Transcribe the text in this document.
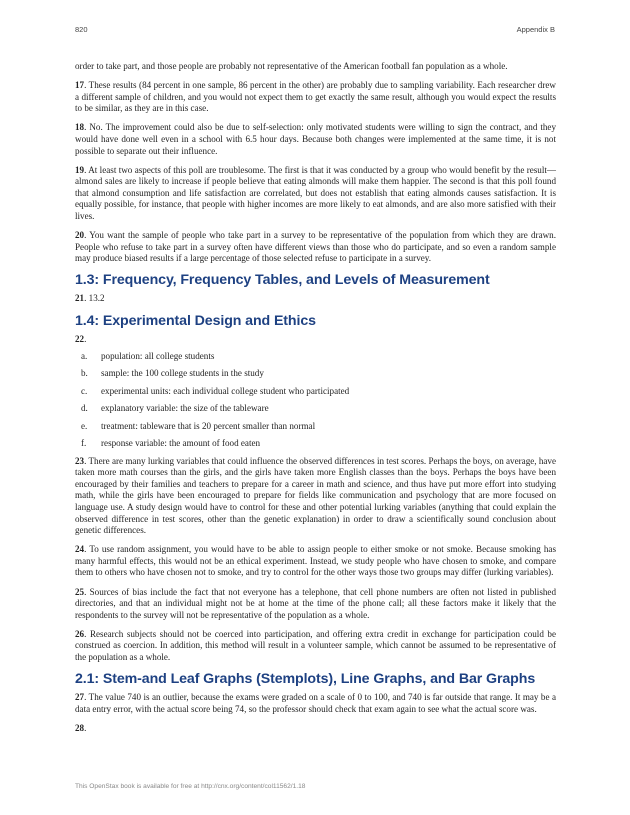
820	Appendix B

order to take part, and those people are probably not representative of the American football fan population as a whole.

17. These results (84 percent in one sample, 86 percent in the other) are probably due to sampling variability. Each researcher drew a different sample of children, and you would not expect them to get exactly the same result, although you would expect the results to be similar, as they are in this case.

18. No. The improvement could also be due to self-selection: only motivated students were willing to sign the contract, and they would have done well even in a school with 6.5 hour days. Because both changes were implemented at the same time, it is not possible to separate out their influence.

19. At least two aspects of this poll are troublesome. The first is that it was conducted by a group who would benefit by the result—almond sales are likely to increase if people believe that eating almonds will make them happier. The second is that this poll found that almond consumption and life satisfaction are correlated, but does not establish that eating almonds causes satisfaction. It is equally possible, for instance, that people with higher incomes are more likely to eat almonds, and are also more satisfied with their lives.

20. You want the sample of people who take part in a survey to be representative of the population from which they are drawn. People who refuse to take part in a survey often have different views than those who do participate, and so even a random sample may produce biased results if a large percentage of those selected refuse to participate in a survey.

1.3: Frequency, Frequency Tables, and Levels of Measurement

21. 13.2

1.4: Experimental Design and Ethics

22.

a.	population: all college students
b.	sample: the 100 college students in the study
c.	experimental units: each individual college student who participated
d.	explanatory variable: the size of the tableware
e.	treatment: tableware that is 20 percent smaller than normal
f.	response variable: the amount of food eaten

23. There are many lurking variables that could influence the observed differences in test scores. Perhaps the boys, on average, have taken more math courses than the girls, and the girls have taken more English classes than the boys. Perhaps the boys have been encouraged by their families and teachers to prepare for a career in math and science, and thus have put more effort into studying math, while the girls have been encouraged to prepare for fields like communication and psychology that are more focused on language use. A study design would have to control for these and other potential lurking variables (anything that could explain the observed difference in test scores, other than the genetic explanation) in order to draw a scientifically sound conclusion about genetic differences.

24. To use random assignment, you would have to be able to assign people to either smoke or not smoke. Because smoking has many harmful effects, this would not be an ethical experiment. Instead, we study people who have chosen to smoke, and compare them to others who have chosen not to smoke, and try to control for the other ways those two groups may differ (lurking variables).

25. Sources of bias include the fact that not everyone has a telephone, that cell phone numbers are often not listed in published directories, and that an individual might not be at home at the time of the phone call; all these factors make it likely that the respondents to the survey will not be representative of the population as a whole.

26. Research subjects should not be coerced into participation, and offering extra credit in exchange for participation could be construed as coercion. In addition, this method will result in a volunteer sample, which cannot be assumed to be representative of the population as a whole.

2.1: Stem-and Leaf Graphs (Stemplots), Line Graphs, and Bar Graphs

27. The value 740 is an outlier, because the exams were graded on a scale of 0 to 100, and 740 is far outside that range. It may be a data entry error, with the actual score being 74, so the professor should check that exam again to see what the actual score was.

28.

This OpenStax book is available for free at http://cnx.org/content/col11562/1.18
